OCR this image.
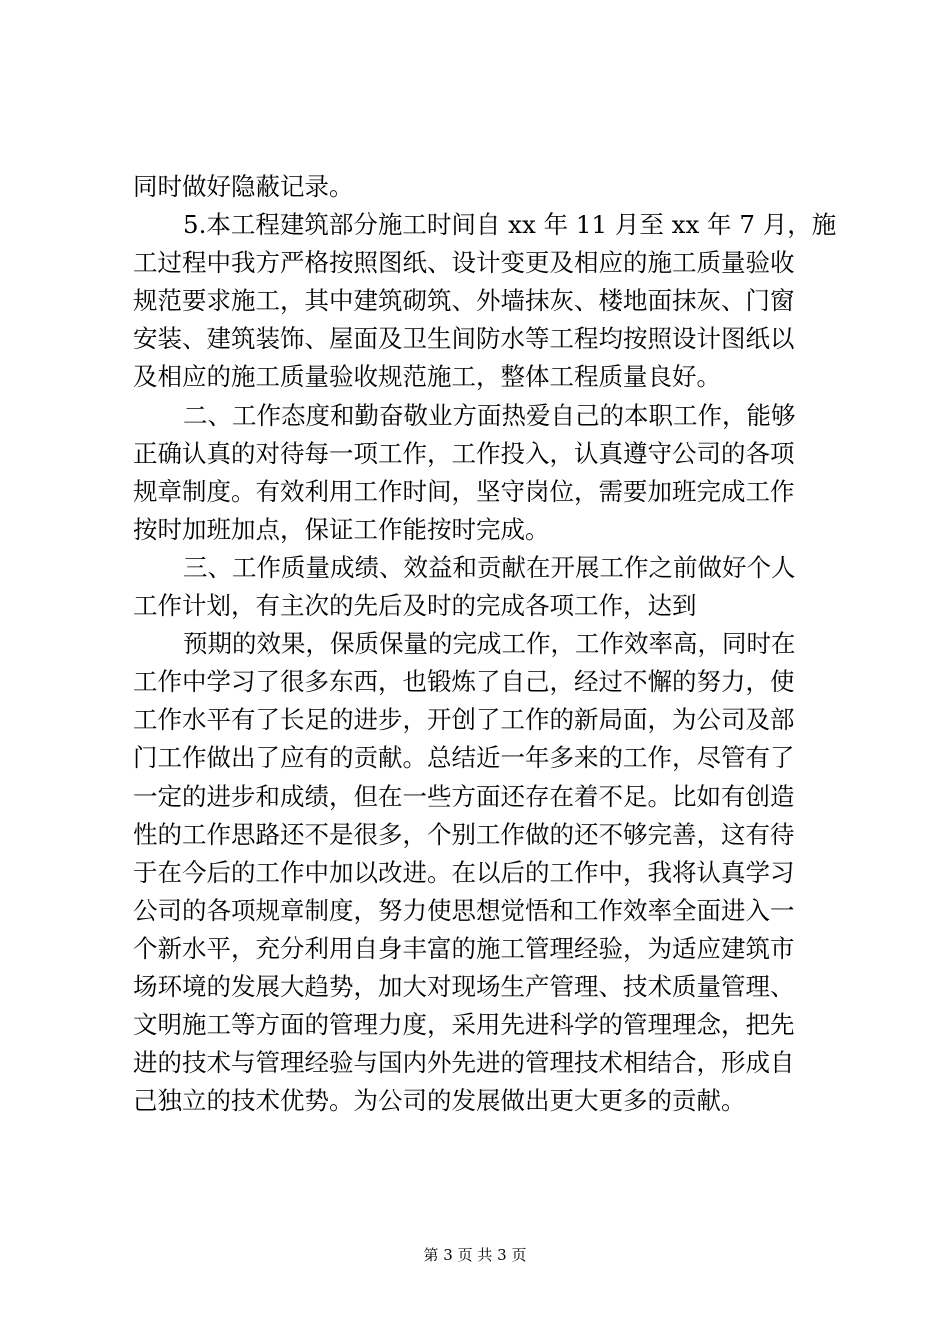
同时做好隐蔽记录。
5.本工程建筑部分施工时间自 xx 年 11 月至 xx 年 7 月，施
工过程中我方严格按照图纸、设计变更及相应的施工质量验收
规范要求施工，其中建筑砌筑、外墙抹灰、楼地面抹灰、门窗
安装、建筑装饰、屋面及卫生间防水等工程均按照设计图纸以
及相应的施工质量验收规范施工，整体工程质量良好。
二、工作态度和勤奋敬业方面热爱自己的本职工作，能够
正确认真的对待每一项工作，工作投入，认真遵守公司的各项
规章制度。有效利用工作时间，坚守岗位，需要加班完成工作
按时加班加点，保证工作能按时完成。
三、工作质量成绩、效益和贡献在开展工作之前做好个人
工作计划，有主次的先后及时的完成各项工作，达到
预期的效果，保质保量的完成工作，工作效率高，同时在
工作中学习了很多东西，也锻炼了自己，经过不懈的努力，使
工作水平有了长足的进步，开创了工作的新局面，为公司及部
门工作做出了应有的贡献。总结近一年多来的工作，尽管有了
一定的进步和成绩，但在一些方面还存在着不足。比如有创造
性的工作思路还不是很多，个别工作做的还不够完善，这有待
于在今后的工作中加以改进。在以后的工作中，我将认真学习
公司的各项规章制度，努力使思想觉悟和工作效率全面进入一
个新水平，充分利用自身丰富的施工管理经验，为适应建筑市
场环境的发展大趋势，加大对现场生产管理、技术质量管理、
文明施工等方面的管理力度，采用先进科学的管理理念，把先
进的技术与管理经验与国内外先进的管理技术相结合，形成自
己独立的技术优势。为公司的发展做出更大更多的贡献。
第 3 页 共 3 页
